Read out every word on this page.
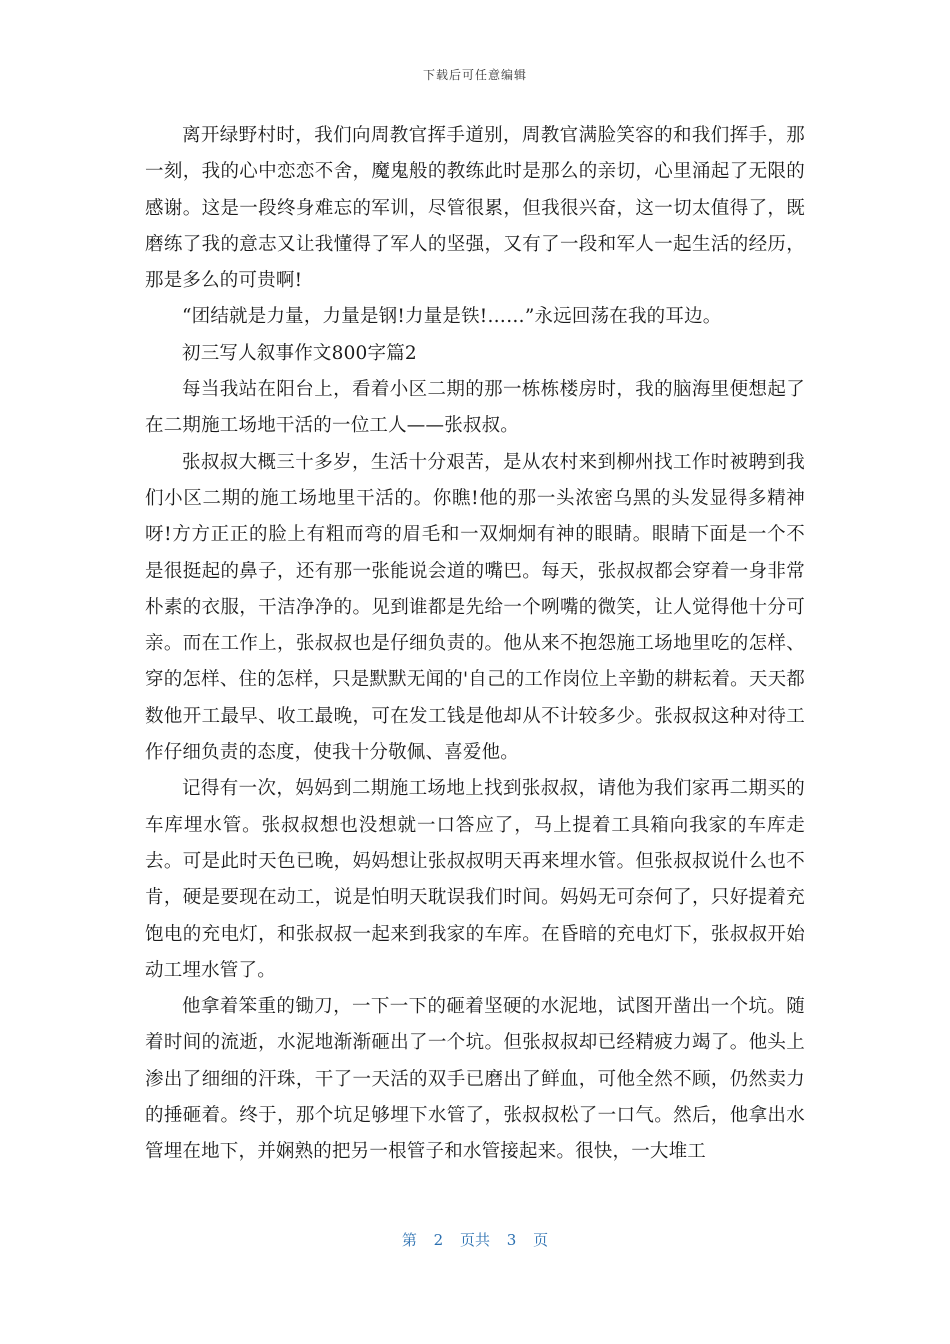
下载后可任意编辑

离开绿野村时，我们向周教官挥手道别，周教官满脸笑容的和我们挥手，那一刻，我的心中恋恋不舍，魔鬼般的教练此时是那么的亲切，心里涌起了无限的感谢。这是一段终身难忘的军训，尽管很累，但我很兴奋，这一切太值得了，既磨练了我的意志又让我懂得了军人的坚强，又有了一段和军人一起生活的经历，那是多么的可贵啊!

“团结就是力量，力量是钢!力量是铁!……”永远回荡在我的耳边。

初三写人叙事作文800字篇2

每当我站在阳台上，看着小区二期的那一栋栋楼房时，我的脑海里便想起了在二期施工场地干活的一位工人——张叔叔。

张叔叔大概三十多岁，生活十分艰苦，是从农村来到柳州找工作时被聘到我们小区二期的施工场地里干活的。你瞧!他的那一头浓密乌黑的头发显得多精神呀!方方正正的脸上有粗而弯的眉毛和一双炯炯有神的眼睛。眼睛下面是一个不是很挺起的鼻子，还有那一张能说会道的嘴巴。每天，张叔叔都会穿着一身非常朴素的衣服，干洁净净的。见到谁都是先给一个咧嘴的微笑，让人觉得他十分可亲。而在工作上，张叔叔也是仔细负责的。他从来不抱怨施工场地里吃的怎样、穿的怎样、住的怎样，只是默默无闻的'自己的工作岗位上辛勤的耕耘着。天天都数他开工最早、收工最晚，可在发工钱是他却从不计较多少。张叔叔这种对待工作仔细负责的态度，使我十分敬佩、喜爱他。

记得有一次，妈妈到二期施工场地上找到张叔叔，请他为我们家再二期买的车库埋水管。张叔叔想也没想就一口答应了，马上提着工具箱向我家的车库走去。可是此时天色已晚，妈妈想让张叔叔明天再来埋水管。但张叔叔说什么也不肯，硬是要现在动工，说是怕明天耽误我们时间。妈妈无可奈何了，只好提着充饱电的充电灯，和张叔叔一起来到我家的车库。在昏暗的充电灯下，张叔叔开始动工埋水管了。

他拿着笨重的锄刀，一下一下的砸着坚硬的水泥地，试图开凿出一个坑。随着时间的流逝，水泥地渐渐砸出了一个坑。但张叔叔却已经精疲力竭了。他头上渗出了细细的汗珠，干了一天活的双手已磨出了鲜血，可他全然不顾，仍然卖力的捶砸着。终于，那个坑足够埋下水管了，张叔叔松了一口气。然后，他拿出水管埋在地下，并娴熟的把另一根管子和水管接起来。很快，一大堆工

第 2 页共 3 页
